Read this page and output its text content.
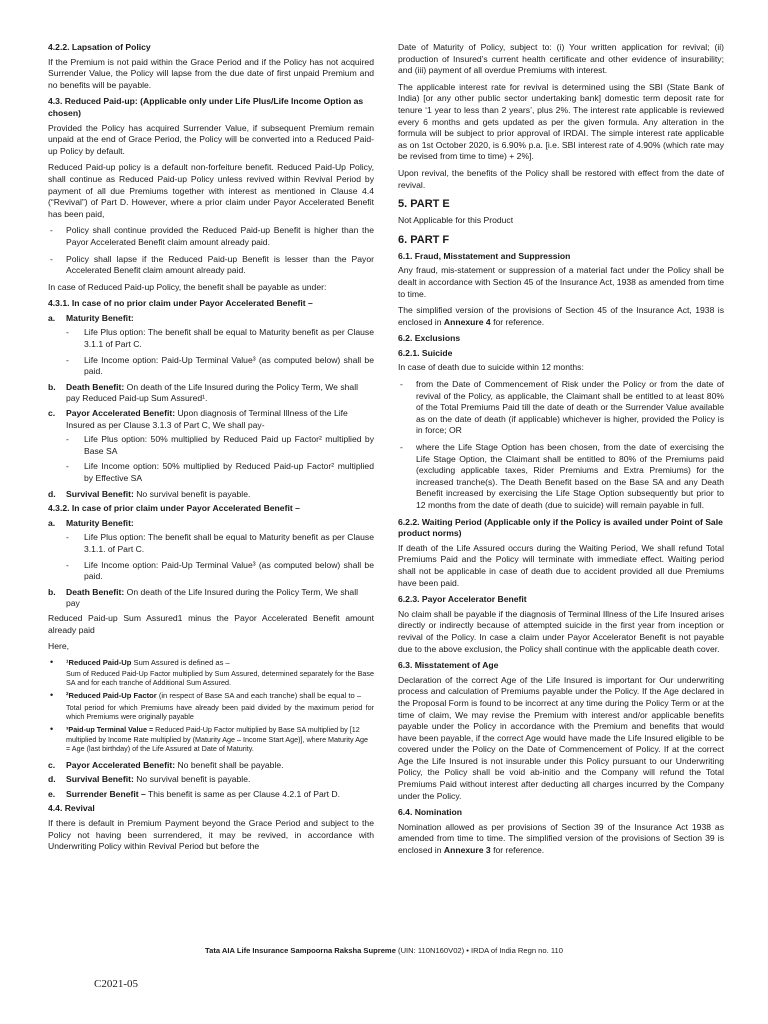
4.2.2. Lapsation of Policy

If the Premium is not paid within the Grace Period and if the Policy has not acquired Surrender Value, the Policy will lapse from the due date of first unpaid Premium and no benefits will be payable.

4.3. Reduced Paid-up: (Applicable only under Life Plus/Life Income Option as chosen)

Provided the Policy has acquired Surrender Value, if subsequent Premium remain unpaid at the end of Grace Period, the Policy will be converted into a Reduced Paid-up Policy by default.

Reduced Paid-up policy is a default non-forfeiture benefit. Reduced Paid-Up Policy, shall continue as Reduced Paid-up Policy unless revived within Revival Period by payment of all due Premiums together with interest as mentioned in Clause 4.4 (“Revival”) of Part D. However, where a prior claim under Payor Accelerated Benefit has been paid,

- Policy shall continue provided the Reduced Paid-up Benefit is higher than the Payor Accelerated Benefit claim amount already paid.
- Policy shall lapse if the Reduced Paid-up Benefit is lesser than the Payor Accelerated Benefit claim amount already paid.

In case of Reduced Paid-up Policy, the benefit shall be payable as under:

4.3.1. In case of no prior claim under Payor Accelerated Benefit –
a. Maturity Benefit:
- Life Plus option: The benefit shall be equal to Maturity benefit as per Clause 3.1.1 of Part C.
- Life Income option: Paid-Up Terminal Value³ (as computed below) shall be paid.
b. Death Benefit: On death of the Life Insured during the Policy Term, We shall pay Reduced Paid-up Sum Assured¹.
c. Payor Accelerated Benefit: Upon diagnosis of Terminal Illness of the Life Insured as per Clause 3.1.3 of Part C, We shall pay-
- Life Plus option: 50% multiplied by Reduced Paid up Factor² multiplied by Base SA
- Life Income option: 50% multiplied by Reduced Paid-up Factor² multiplied by Effective SA
d. Survival Benefit: No survival benefit is payable.
4.3.2. In case of prior claim under Payor Accelerated Benefit –
a. Maturity Benefit:
- Life Plus option: The benefit shall be equal to Maturity benefit as per Clause 3.1.1. of Part C.
- Life Income option: Paid-Up Terminal Value³ (as computed below) shall be paid.
b. Death Benefit: On death of the Life Insured during the Policy Term, We shall pay

Reduced Paid-up Sum Assured1 minus the Payor Accelerated Benefit amount already paid

Here,

• ¹Reduced Paid-Up Sum Assured is defined as –
Sum of Reduced Paid-Up Factor multiplied by Sum Assured, determined separately for the Base SA and for each tranche of Additional Sum Assured.
• ²Reduced Paid-Up Factor (in respect of Base SA and each tranche) shall be equal to –
Total period for which Premiums have already been paid divided by the maximum period for which Premiums were originally payable
• ³Paid-up Terminal Value = Reduced Paid-Up Factor multiplied by Base SA multiplied by [12 multiplied by Income Rate multiplied by (Maturity Age – Income Start Age)], where Maturity Age = Age (last birthday) of the Life Assured at Date of Maturity.
c. Payor Accelerated Benefit: No benefit shall be payable.
d. Survival Benefit: No survival benefit is payable.
e. Surrender Benefit – This benefit is same as per Clause 4.2.1 of Part D.
4.4. Revival

If there is default in Premium Payment beyond the Grace Period and subject to the Policy not having been surrendered, it may be revived, in accordance with Underwriting Policy within Revival Period but before the

Date of Maturity of Policy, subject to: (i) Your written application for revival; (ii) production of Insured’s current health certificate and other evidence of insurability; and (iii) payment of all overdue Premiums with interest.

The applicable interest rate for revival is determined using the SBI (State Bank of India) [or any other public sector undertaking bank] domestic term deposit rate for tenure ‘1 year to less than 2 years’, plus 2%. The interest rate applicable is reviewed every 6 months and gets updated as per the given formula. Any alteration in the formula will be subject to prior approval of IRDAI. The simple interest rate applicable as on 1st October 2020, is 6.90% p.a. [i.e. SBI interest rate of 4.90% (which rate may be revised from time to time) + 2%].

Upon revival, the benefits of the Policy shall be restored with effect from the date of revival.

5. PART E

Not Applicable for this Product

6. PART F
6.1. Fraud, Misstatement and Suppression

Any fraud, mis-statement or suppression of a material fact under the Policy shall be dealt in accordance with Section 45 of the Insurance Act, 1938 as amended from time to time.

The simplified version of the provisions of Section 45 of the Insurance Act, 1938 is enclosed in Annexure 4 for reference.

6.2. Exclusions
6.2.1. Suicide

In case of death due to suicide within 12 months:

- from the Date of Commencement of Risk under the Policy or from the date of revival of the Policy, as applicable, the Claimant shall be entitled to at least 80% of the Total Premiums Paid till the date of death or the Surrender Value available as on the date of death (if applicable) whichever is higher, provided the Policy is in force; OR
- where the Life Stage Option has been chosen, from the date of exercising the Life Stage Option, the Claimant shall be entitled to 80% of the Premiums paid (excluding applicable taxes, Rider Premiums and Extra Premiums) for the increased tranche(s). The Death Benefit based on the Base SA and any Death Benefit increased by exercising the Life Stage Option subsequently but prior to 12 months from the date of death (due to suicide) will remain payable in full.
6.2.2. Waiting Period (Applicable only if the Policy is availed under Point of Sale product norms)

If death of the Life Assured occurs during the Waiting Period, We shall refund Total Premiums Paid and the Policy will terminate with immediate effect. Waiting period shall not be applicable in case of death due to accident provided all due Premiums have been paid.

6.2.3. Payor Accelerator Benefit

No claim shall be payable if the diagnosis of Terminal Illness of the Life Insured arises directly or indirectly because of attempted suicide in the first year from inception or revival of the Policy. In case a claim under Payor Accelerator Benefit is not payable due to the above exclusion, the Policy shall continue with the applicable death cover.

6.3. Misstatement of Age

Declaration of the correct Age of the Life Insured is important for Our underwriting process and calculation of Premiums payable under the Policy. If the Age declared in the Proposal Form is found to be incorrect at any time during the Policy Term or at the time of claim, We may revise the Premium with interest and/or applicable benefits payable under the Policy in accordance with the Premium and benefits that would have been payable, if the correct Age would have made the Life Insured eligible to be covered under the Policy on the Date of Commencement of Policy. If at the correct Age the Life Insured is not insurable under this Policy pursuant to our Underwriting Policy, the Policy shall be void ab-initio and the Company will refund the Total Premiums Paid without interest after deducting all charges incurred by the Company under the Policy.

6.4. Nomination

Nomination allowed as per provisions of Section 39 of the Insurance Act 1938 as amended from time to time. The simplified version of the provisions of Section 39 is enclosed in Annexure 3 for reference.

Tata AIA Life Insurance Sampoorna Raksha Supreme (UIN: 110N160V02) • IRDA of India Regn no. 110
C2021-05
